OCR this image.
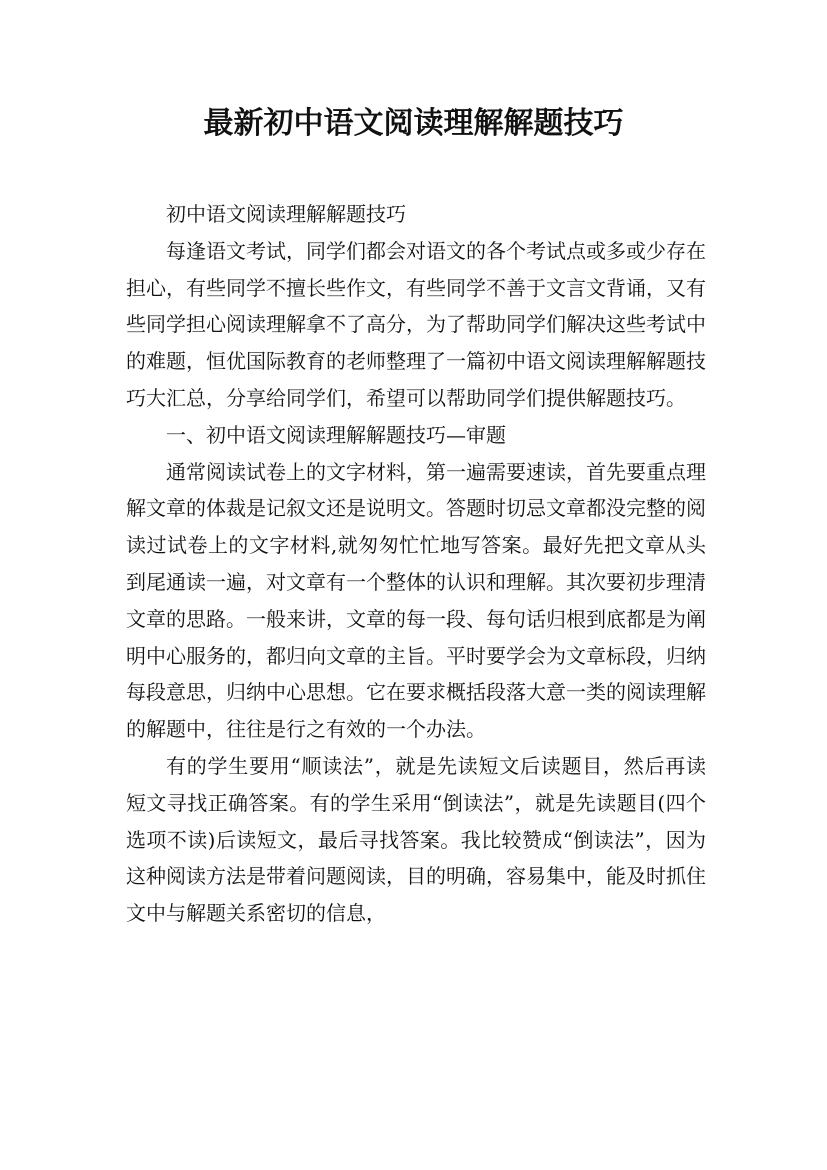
最新初中语文阅读理解解题技巧

初中语文阅读理解解题技巧

每逢语文考试，同学们都会对语文的各个考试点或多或少存在担心，有些同学不擅长些作文，有些同学不善于文言文背诵，又有些同学担心阅读理解拿不了高分，为了帮助同学们解决这些考试中的难题，恒优国际教育的老师整理了一篇初中语文阅读理解解题技巧大汇总，分享给同学们，希望可以帮助同学们提供解题技巧。

一、初中语文阅读理解解题技巧—审题

通常阅读试卷上的文字材料，第一遍需要速读，首先要重点理解文章的体裁是记叙文还是说明文。答题时切忌文章都没完整的阅读过试卷上的文字材料,就匆匆忙忙地写答案。最好先把文章从头到尾通读一遍，对文章有一个整体的认识和理解。其次要初步理清文章的思路。一般来讲，文章的每一段、每句话归根到底都是为阐明中心服务的，都归向文章的主旨。平时要学会为文章标段，归纳每段意思，归纳中心思想。它在要求概括段落大意一类的阅读理解的解题中，往往是行之有效的一个办法。

有的学生要用“顺读法”，就是先读短文后读题目，然后再读短文寻找正确答案。有的学生采用“倒读法”，就是先读题目(四个选项不读)后读短文，最后寻找答案。我比较赞成“倒读法”，因为这种阅读方法是带着问题阅读，目的明确，容易集中，能及时抓住文中与解题关系密切的信息，
